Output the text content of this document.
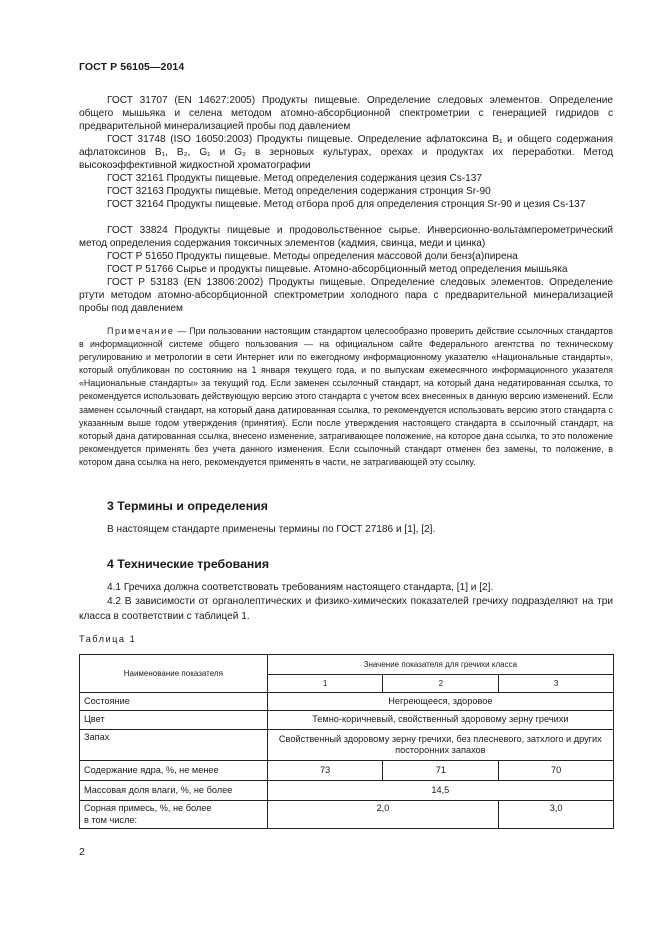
ГОСТ Р 56105—2014
ГОСТ 31707 (EN 14627:2005) Продукты пищевые. Определение следовых элементов. Определение общего мышьяка и селена методом атомно-абсорбционной спектрометрии с генерацией гидридов с предварительной минерализацией пробы под давлением
ГОСТ 31748 (ISO 16050:2003) Продукты пищевые. Определение афлатоксина B₁ и общего содержания афлатоксинов B₁, B₂, G₁ и G₂ в зерновых культурах, орехах и продуктах их переработки. Метод высокоэффективной жидкостной хроматографии
ГОСТ 32161 Продукты пищевые. Метод определения содержания цезия Cs-137
ГОСТ 32163 Продукты пищевые. Метод определения содержания стронция Sr-90
ГОСТ 32164 Продукты пищевые. Метод отбора проб для определения стронция Sr-90 и цезия Cs-137
ГОСТ 33824 Продукты пищевые и продовольственное сырье. Инверсионно-вольтамперометрический метод определения содержания токсичных элементов (кадмия, свинца, меди и цинка)
ГОСТ Р 51650 Продукты пищевые. Методы определения массовой доли бенз(а)пирена
ГОСТ Р 51766 Сырье и продукты пищевые. Атомно-абсорбционный метод определения мышьяка
ГОСТ Р 53183 (EN 13806:2002) Продукты пищевые. Определение следовых элементов. Определение ртути методом атомно-абсорбционной спектрометрии холодного пара с предварительной минерализацией пробы под давлением
Примечание — При пользовании настоящим стандартом целесообразно проверить действие ссылочных стандартов в информационной системе общего пользования — на официальном сайте Федерального агентства по техническому регулированию и метрологии в сети Интернет или по ежегодному информационному указателю «Национальные стандарты», который опубликован по состоянию на 1 января текущего года, и по выпускам ежемесячного информационного указателя «Национальные стандарты» за текущий год. Если заменен ссылочный стандарт, на который дана недатированная ссылка, то рекомендуется использовать действующую версию этого стандарта с учетом всех внесенных в данную версию изменений. Если заменен ссылочный стандарт, на который дана датированная ссылка, то рекомендуется использовать версию этого стандарта с указанным выше годом утверждения (принятия). Если после утверждения настоящего стандарта в ссылочный стандарт, на который дана датированная ссылка, внесено изменение, затрагивающее положение, на которое дана ссылка, то это положение рекомендуется применять без учета данного изменения. Если ссылочный стандарт отменен без замены, то положение, в котором дана ссылка на него, рекомендуется применять в части, не затрагивающей эту ссылку.
3 Термины и определения
В настоящем стандарте применены термины по ГОСТ 27186 и [1], [2].
4 Технические требования
4.1 Гречиха должна соответствовать требованиям настоящего стандарта, [1] и [2].
4.2 В зависимости от органолептических и физико-химических показателей гречиху подразделяют на три класса в соответствии с таблицей 1.
Таблица 1
Наименование показателя	Значение показателя для гречихи класса		
	1	2	3
Состояние	Негреющееся, здоровое		
Цвет	Темно-коричневый, свойственный здоровому зерну гречихи		
Запах	Свойственный здоровому зерну гречихи, без плесневого, затхлого и других посторонних запахов		
Содержание ядра, %, не менее	73	71	70
Массовая доля влаги, %, не более	14,5		
Сорная примесь, %, не более
в том числе:	2,0		3,0
2
